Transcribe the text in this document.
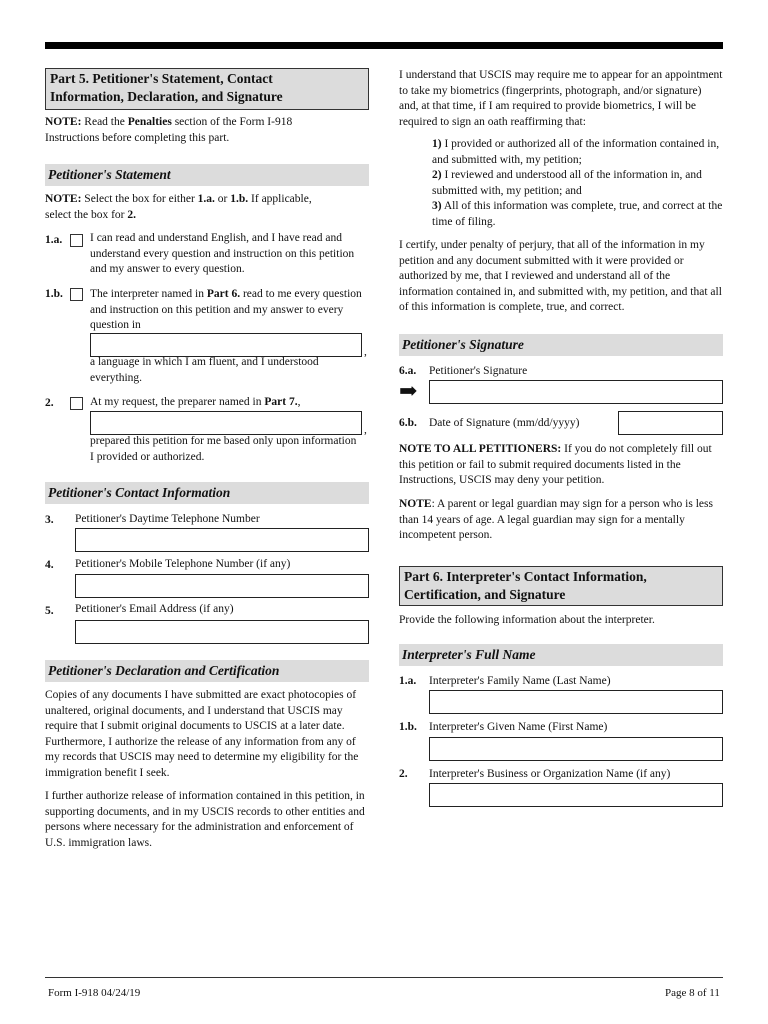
Part 5. Petitioner's Statement, Contact
Information, Declaration, and Signature

NOTE: Read the Penalties section of the Form I-918
Instructions before completing this part.

Petitioner's Statement

NOTE: Select the box for either 1.a. or 1.b. If applicable,
select the box for 2.

1.a. I can read and understand English, and I have read and understand every question and instruction on this petition and my answer to every question.

1.b. The interpreter named in Part 6. read to me every question and instruction on this petition and my answer to every question in

,

a language in which I am fluent, and I understood everything.

2.	At my request, the preparer named in Part 7.,

,

prepared this petition for me based only upon information I provided or authorized.

Petitioner's Contact Information
3. Petitioner's Daytime Telephone Number
4. Petitioner's Mobile Telephone Number (if any)
5. Petitioner's Email Address (if any)
Petitioner's Declaration and Certification

Copies of any documents I have submitted are exact photocopies of unaltered, original documents, and I understand that USCIS may require that I submit original documents to USCIS at a later date. Furthermore, I authorize the release of any information from any of my records that USCIS may need to determine my eligibility for the immigration benefit I seek.

I further authorize release of information contained in this petition, in supporting documents, and in my USCIS records to other entities and persons where necessary for the administration and enforcement of U.S. immigration laws.

I understand that USCIS may require me to appear for an appointment to take my biometrics (fingerprints, photograph, and/or signature) and, at that time, if I am required to provide biometrics, I will be required to sign an oath reaffirming that:

1) I provided or authorized all of the information contained in, and submitted with, my petition;

2) I reviewed and understood all of the information in, and submitted with, my petition; and

3) All of this information was complete, true, and correct at the time of filing.

I certify, under penalty of perjury, that all of the information in my petition and any document submitted with it were provided or authorized by me, that I reviewed and understand all of the information contained in, and submitted with, my petition, and that all of this information is complete, true, and correct.

Petitioner's Signature
6.a. Petitioner's Signature
➡
6.b. Date of Signature (mm/dd/yyyy)

NOTE TO ALL PETITIONERS: If you do not completely fill out this petition or fail to submit required documents listed in the Instructions, USCIS may deny your petition.

NOTE: A parent or legal guardian may sign for a person who is less than 14 years of age. A legal guardian may sign for a mentally incompetent person.

Part 6. Interpreter's Contact Information,
Certification, and Signature

Provide the following information about the interpreter.

Interpreter's Full Name
1.a. Interpreter's Family Name (Last Name)
1.b. Interpreter's Given Name (First Name)
2. Interpreter's Business or Organization Name (if any)
Form I-918 04/24/19	Page 8 of 11
